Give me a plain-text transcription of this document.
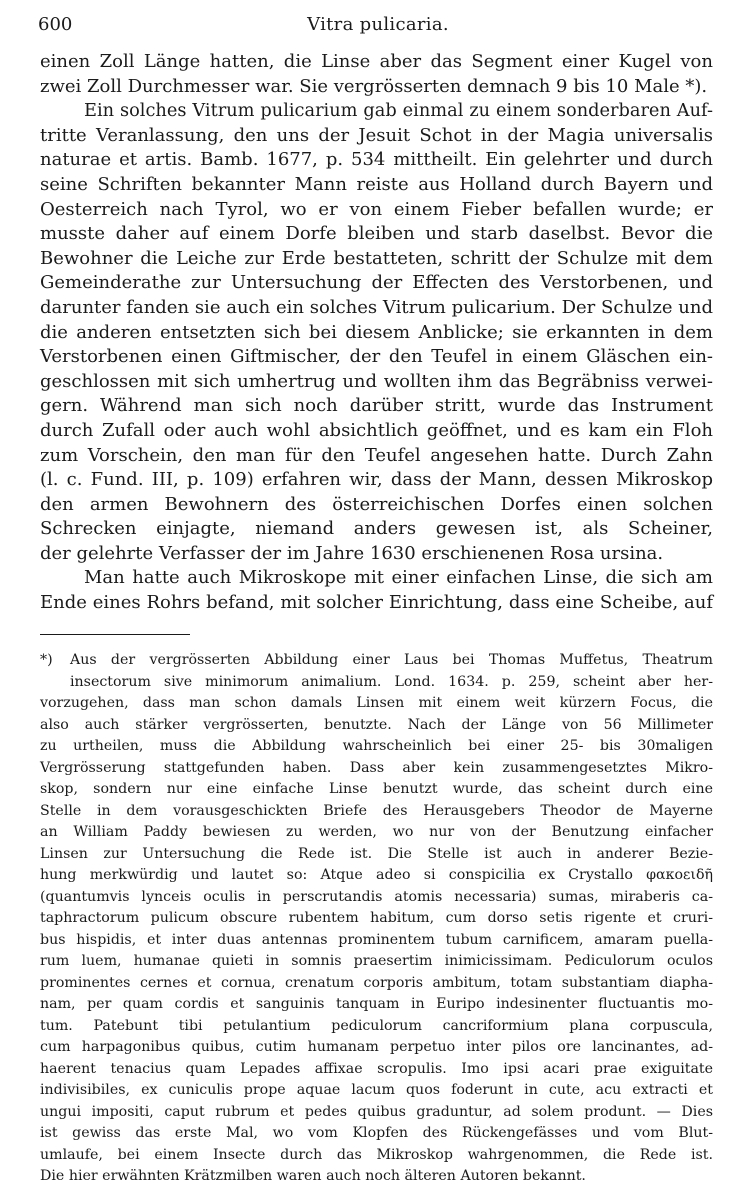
600	Vitra pulicaria.
einen Zoll Länge hatten, die Linse aber das Segment einer Kugel von
zwei Zoll Durchmesser war. Sie vergrösserten demnach 9 bis 10 Male *).
Ein solches Vitrum pulicarium gab einmal zu einem sonderbaren Auf-
tritte Veranlassung, den uns der Jesuit Schot in der Magia universalis
naturae et artis. Bamb. 1677, p. 534 mittheilt. Ein gelehrter und durch
seine Schriften bekannter Mann reiste aus Holland durch Bayern und
Oesterreich nach Tyrol, wo er von einem Fieber befallen wurde; er
musste daher auf einem Dorfe bleiben und starb daselbst. Bevor die
Bewohner die Leiche zur Erde bestatteten, schritt der Schulze mit dem
Gemeinderathe zur Untersuchung der Effecten des Verstorbenen, und
darunter fanden sie auch ein solches Vitrum pulicarium. Der Schulze und
die anderen entsetzten sich bei diesem Anblicke; sie erkannten in dem
Verstorbenen einen Giftmischer, der den Teufel in einem Gläschen ein-
geschlossen mit sich umhertrug und wollten ihm das Begräbniss verwei-
gern. Während man sich noch darüber stritt, wurde das Instrument
durch Zufall oder auch wohl absichtlich geöffnet, und es kam ein Floh
zum Vorschein, den man für den Teufel angesehen hatte. Durch Zahn
(l. c. Fund. III, p. 109) erfahren wir, dass der Mann, dessen Mikroskop
den armen Bewohnern des österreichischen Dorfes einen solchen
Schrecken einjagte, niemand anders gewesen ist, als Scheiner,
der gelehrte Verfasser der im Jahre 1630 erschienenen Rosa ursina.
Man hatte auch Mikroskope mit einer einfachen Linse, die sich am
Ende eines Rohrs befand, mit solcher Einrichtung, dass eine Scheibe, auf
*) Aus der vergrösserten Abbildung einer Laus bei Thomas Muffetus, Theatrum
insectorum sive minimorum animalium. Lond. 1634. p. 259, scheint aber her-
vorzugehen, dass man schon damals Linsen mit einem weit kürzern Focus, die
also auch stärker vergrösserten, benutzte. Nach der Länge von 56 Millimeter
zu urtheilen, muss die Abbildung wahrscheinlich bei einer 25- bis 30maligen
Vergrösserung stattgefunden haben. Dass aber kein zusammengesetztes Mikro-
skop, sondern nur eine einfache Linse benutzt wurde, das scheint durch eine
Stelle in dem vorausgeschickten Briefe des Herausgebers Theodor de Mayerne
an William Paddy bewiesen zu werden, wo nur von der Benutzung einfacher
Linsen zur Untersuchung die Rede ist. Die Stelle ist auch in anderer Bezie-
hung merkwürdig und lautet so: Atque adeo si conspicilia ex Crystallo φακοειδῆ
(quantumvis lynceis oculis in perscrutandis atomis necessaria) sumas, miraberis ca-
taphractorum pulicum obscure rubentem habitum, cum dorso setis rigente et cruri-
bus hispidis, et inter duas antennas prominentem tubum carnificem, amaram puella-
rum luem, humanae quieti in somnis praesertim inimicissimam. Pediculorum oculos
prominentes cernes et cornua, crenatum corporis ambitum, totam substantiam diapha-
nam, per quam cordis et sanguinis tanquam in Euripo indesinenter fluctuantis mo-
tum. Patebunt tibi petulantium pediculorum cancriformium plana corpuscula,
cum harpagonibus quibus, cutim humanam perpetuo inter pilos ore lancinantes, ad-
haerent tenacius quam Lepades affixae scropulis. Imo ipsi acari prae exiguitate
indivisibiles, ex cuniculis prope aquae lacum quos foderunt in cute, acu extracti et
ungui impositi, caput rubrum et pedes quibus graduntur, ad solem produnt. — Dies
ist gewiss das erste Mal, wo vom Klopfen des Rückengefässes und vom Blut-
umlaufe, bei einem Insecte durch das Mikroskop wahrgenommen, die Rede ist.
Die hier erwähnten Krätzmilben waren auch noch älteren Autoren bekannt.
